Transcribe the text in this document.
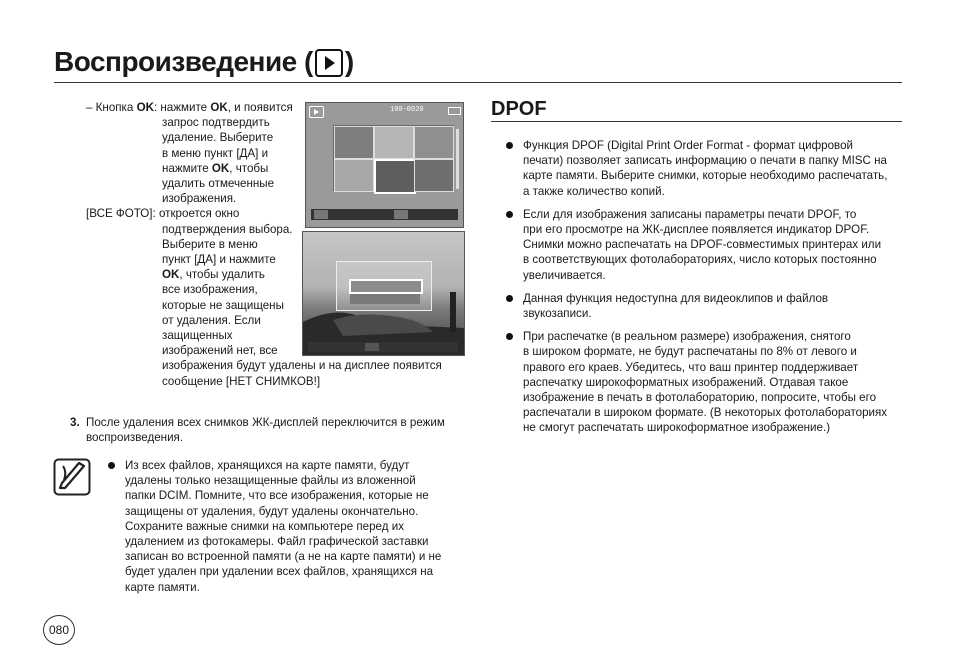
Воспроизведение ( )

– Кнопка OK: нажмите OK, и появится

запрос подтвердить

удаление. Выберите

в меню пункт [ДА] и

нажмите OK, чтобы

удалить отмеченные

изображения.

[ВСЕ ФОТО]: откроется окно

подтверждения выбора.

Выберите в меню

пункт [ДА] и нажмите

OK, чтобы удалить

все изображения,

которые не защищены

от удаления. Если

защищенных

изображений нет, все

изображения будут удалены и на дисплее появится

сообщение [НЕТ СНИМКОВ!]

100-0020
3. После удаления всех снимков ЖК-дисплей переключится в режим
воспроизведения.
Из всех файлов, хранящихся на карте памяти, будут
удалены только незащищенные файлы из вложенной
папки DCIM. Помните, что все изображения, которые не
защищены от удаления, будут удалены окончательно.
Сохраните важные снимки на компьютере перед их
удалением из фотокамеры. Файл графической заставки
записан во встроенной памяти (а не на карте памяти) и не
будет удален при удалении всех файлов, хранящихся на
карте памяти.
080
DPOF
Функция DPOF (Digital Print Order Format - формат цифровой
печати) позволяет записать информацию о печати в папку MISC на
карте памяти. Выберите снимки, которые необходимо распечатать,
а также количество копий.
Если для изображения записаны параметры печати DPOF, то
при его просмотре на ЖК-дисплее появляется индикатор DPOF.
Снимки можно распечатать на DPOF-совместимых принтерах или
в соответствующих фотолабораториях, число которых постоянно
увеличивается.
Данная функция недоступна для видеоклипов и файлов
звукозаписи.
При распечатке (в реальном размере) изображения, снятого
в широком формате, не будут распечатаны по 8% от левого и
правого его краев. Убедитесь, что ваш принтер поддерживает
распечатку широкоформатных изображений. Отдавая такое
изображение в печать в фотолабораторию, попросите, чтобы его
распечатали в широком формате. (В некоторых фотолабораториях
не смогут распечатать широкоформатное изображение.)
